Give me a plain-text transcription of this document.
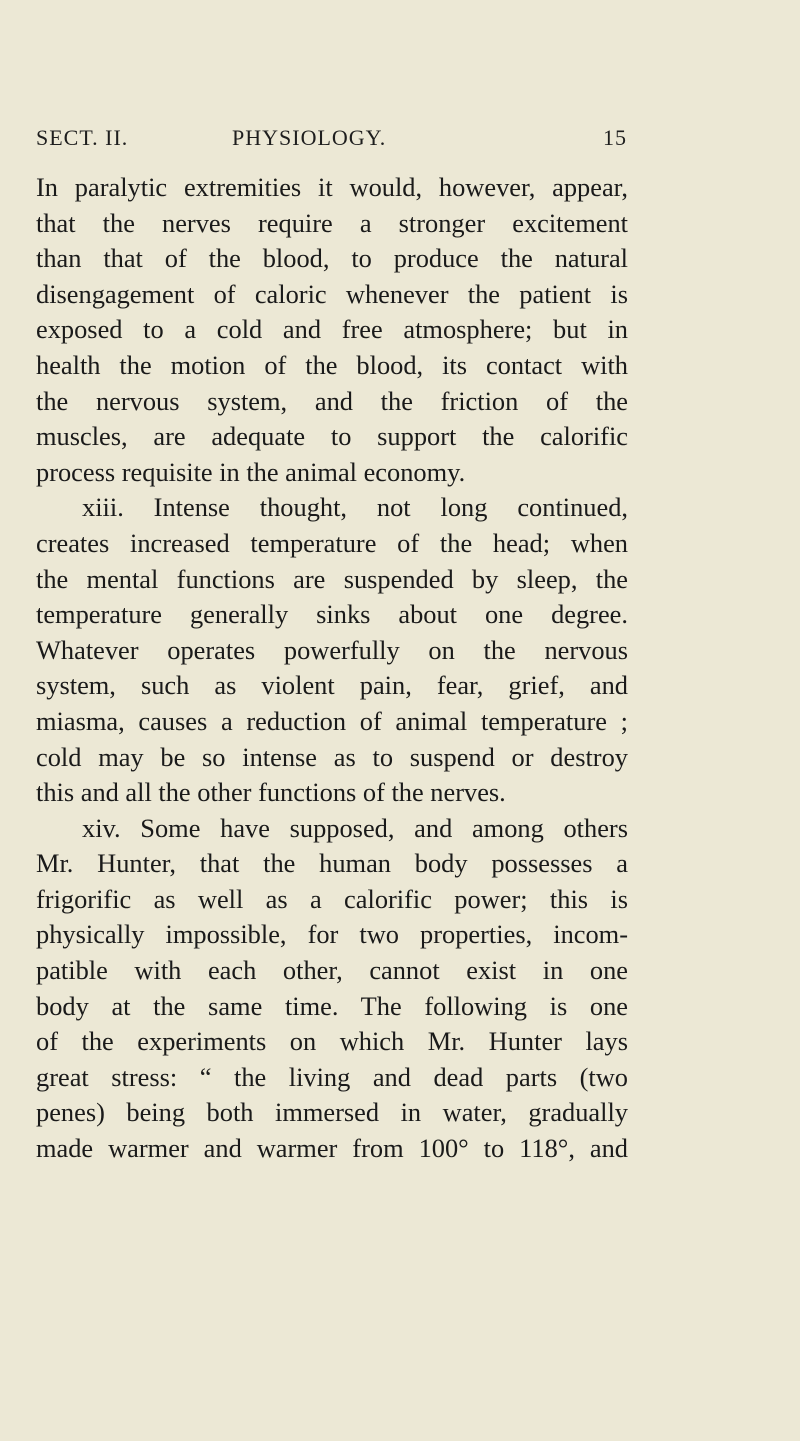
SECT. II.	PHYSIOLOGY.	15
In paralytic extremities it would, however, appear,
that the nerves require a stronger excitement
than that of the blood, to produce the natural
disengagement of caloric whenever the patient is
exposed to a cold and free atmosphere; but in
health the motion of the blood, its contact with
the nervous system, and the friction of the
muscles, are adequate to support the calorific
process requisite in the animal economy.
xiii. Intense thought, not long continued,
creates increased temperature of the head; when
the mental functions are suspended by sleep, the
temperature generally sinks about one degree.
Whatever operates powerfully on the nervous
system, such as violent pain, fear, grief, and
miasma, causes a reduction of animal temperature ;
cold may be so intense as to suspend or destroy
this and all the other functions of the nerves.
xiv. Some have supposed, and among others
Mr. Hunter, that the human body possesses a
frigorific as well as a calorific power; this is
physically impossible, for two properties, incom-
patible with each other, cannot exist in one
body at the same time. The following is one
of the experiments on which Mr. Hunter lays
great stress: “ the living and dead parts (two
penes) being both immersed in water, gradually
made warmer and warmer from 100° to 118°, and
